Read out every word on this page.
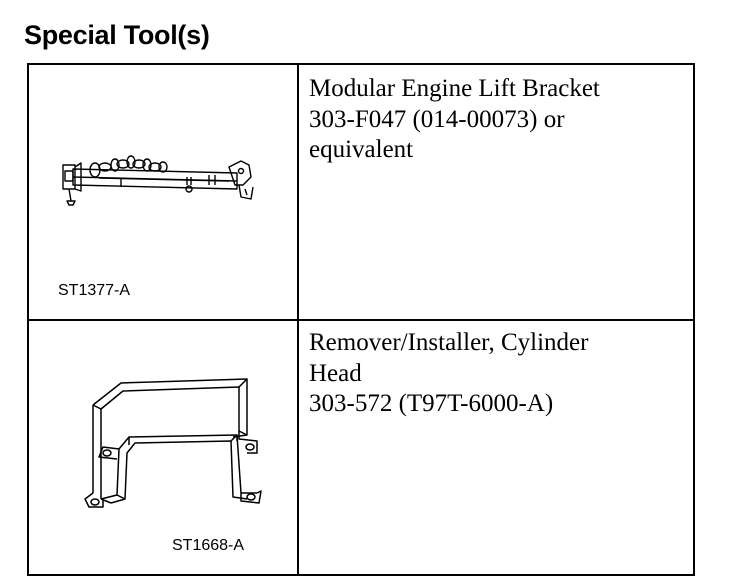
Special Tool(s)
ST1377-A
Modular Engine Lift Bracket
303-F047 (014-00073) or
equivalent
ST1668-A
Remover/Installer, Cylinder
Head
303-572 (T97T-6000-A)
